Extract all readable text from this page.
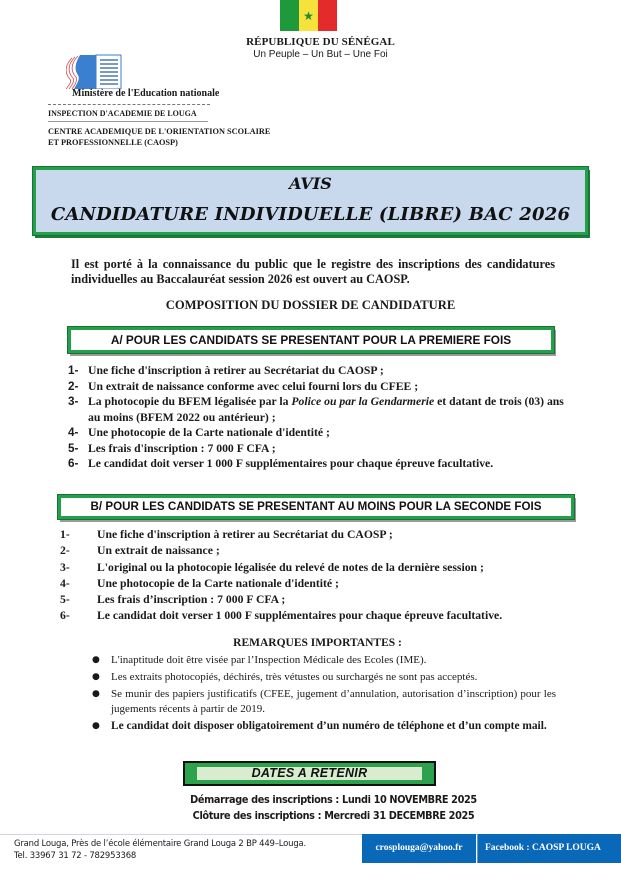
★
RÉPUBLIQUE DU SÉNÉGAL
Un Peuple – Un But – Une Foi
Ministère de l'Education nationale
INSPECTION D'ACADEMIE DE LOUGA
CENTRE ACADEMIQUE DE L'ORIENTATION SCOLAIRE
ET PROFESSIONNELLE (CAOSP)
AVIS
CANDIDATURE INDIVIDUELLE (LIBRE) BAC 2026

Il est porté à la connaissance du public que le registre des inscriptions des candidatures individuelles au Baccalauréat session 2026 est ouvert au CAOSP.

COMPOSITION DU DOSSIER DE CANDIDATURE
A/ POUR LES CANDIDATS SE PRESENTANT POUR LA PREMIERE FOIS
1- Une fiche d'inscription à retirer au Secrétariat du CAOSP ;
2- Un extrait de naissance conforme avec celui fourni lors du CFEE ;
3- La photocopie du BFEM légalisée par la Police ou par la Gendarmerie et datant de trois (03) ans au moins (BFEM 2022 ou antérieur) ;
4- Une photocopie de la Carte nationale d'identité ;
5- Les frais d'inscription : 7 000 F CFA ;
6- Le candidat doit verser 1 000 F supplémentaires pour chaque épreuve facultative.
B/ POUR LES CANDIDATS SE PRESENTANT AU MOINS POUR LA SECONDE FOIS
1- Une fiche d'inscription à retirer au Secrétariat du CAOSP ;
2- Un extrait de naissance ;
3- L'original ou la photocopie légalisée du relevé de notes de la dernière session ;
4- Une photocopie de la Carte nationale d'identité ;
5- Les frais d’inscription : 7 000 F CFA ;
6- Le candidat doit verser 1 000 F supplémentaires pour chaque épreuve facultative.
REMARQUES IMPORTANTES :
● L'inaptitude doit être visée par l’Inspection Médicale des Ecoles (IME).
● Les extraits photocopiés, déchirés, très vétustes ou surchargés ne sont pas acceptés.
● Se munir des papiers justificatifs (CFEE, jugement d’annulation, autorisation d’inscription) pour les jugements récents à partir de 2019.
● Le candidat doit disposer obligatoirement d’un numéro de téléphone et d’un compte mail.
DATES A RETENIR
Démarrage des inscriptions : Lundi 10 NOVEMBRE 2025
Clôture des inscriptions : Mercredi 31 DECEMBRE 2025
Grand Louga, Près de l’école élémentaire Grand Louga 2 BP 449–Louga.
Tel. 33967 31 72 - 782953368
crosplouga@yahoo.fr	Facebook : CAOSP LOUGA
